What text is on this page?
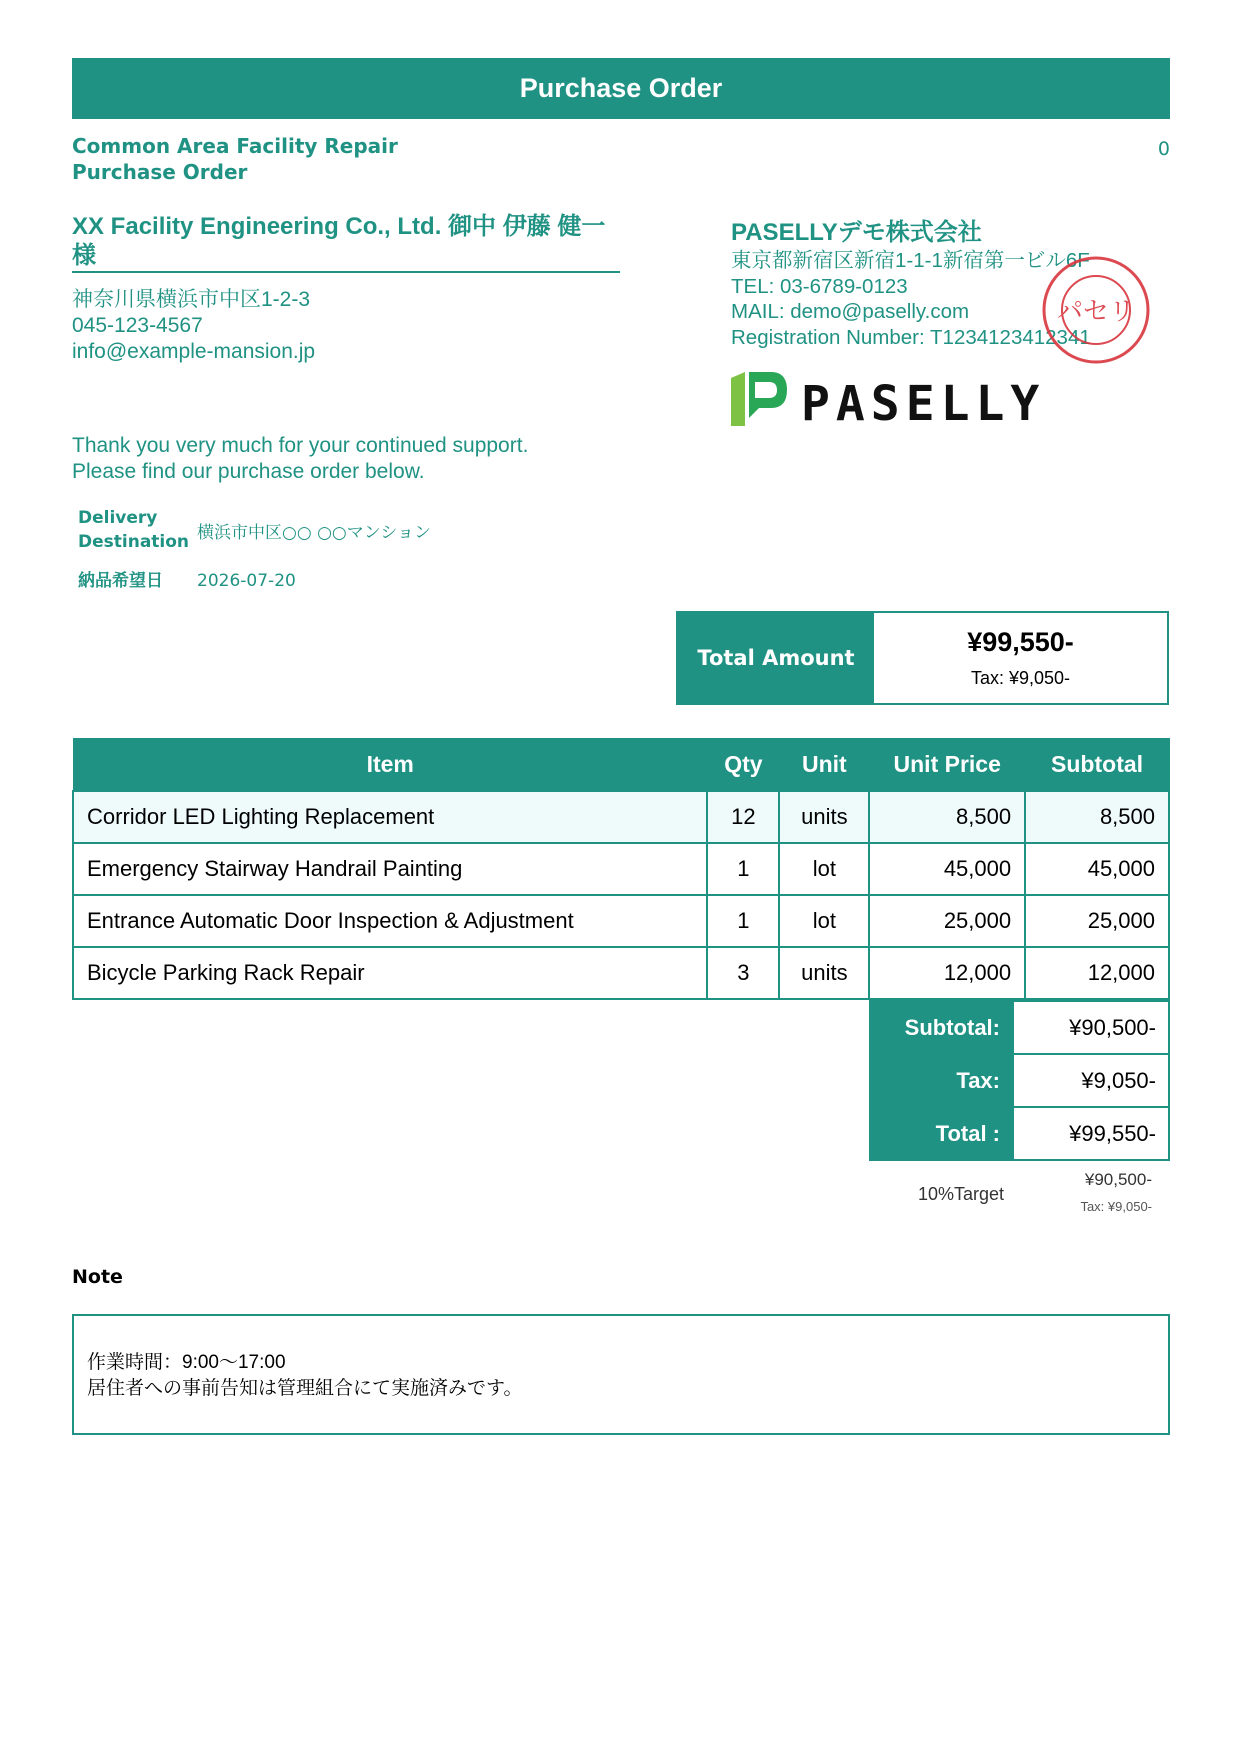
Purchase Order
Common Area Facility Repair Purchase Order
0
XX Facility Engineering Co., Ltd. 御中 伊藤 健一 様
神奈川県横浜市中区1-2-3
045-123-4567
info@example-mansion.jp
PASELLYデモ株式会社
東京都新宿区新宿1-1-1新宿第一ビル6F
TEL: 03-6789-0123
MAIL: demo@paselly.com
Registration Number: T1234123412341
パセリ
PASELLY
Thank you very much for your continued support.
Please find our purchase order below.
Delivery
Destination	横浜市中区○○ ○○マンション
納品希望日	2026-07-20
Total Amount
¥99,550-
Tax: ¥9,050-
Item	Qty	Unit	Unit Price	Subtotal
Corridor LED Lighting Replacement	12	units	8,500	8,500
Emergency Stairway Handrail Painting	1	lot	45,000	45,000
Entrance Automatic Door Inspection & Adjustment	1	lot	25,000	25,000
Bicycle Parking Rack Repair	3	units	12,000	12,000
Subtotal:	¥90,500-
Tax:	¥9,050-
Total :	¥99,550-
10%Target
¥90,500-
Tax: ¥9,050-
Note
作業時間：9:00〜17:00
居住者への事前告知は管理組合にて実施済みです。
